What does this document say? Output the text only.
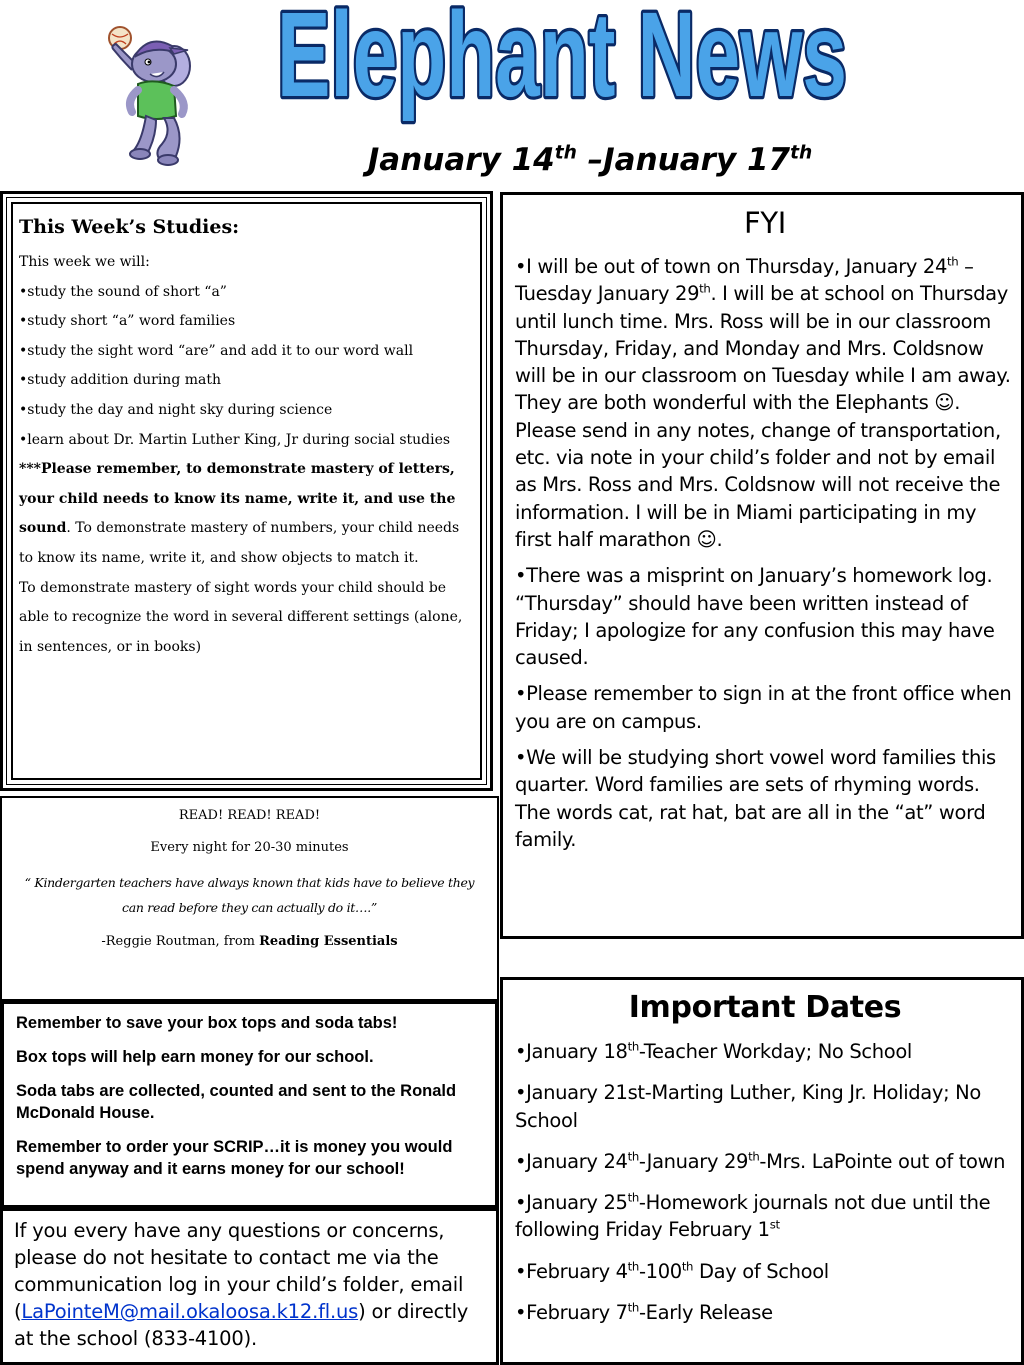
Elephant News
January 14th –January 17th
This Week’s Studies:

This week we will:

•study the sound of short “a”

•study short “a” word families

•study the sight word “are” and add it to our word wall

•study addition during math

•study the day and night sky during science

•learn about Dr. Martin Luther King, Jr during social studies

***Please remember, to demonstrate mastery of letters, your child needs to know its name, write it, and use the sound. To demonstrate mastery of numbers, your child needs to know its name, write it, and show objects to match it.

To demonstrate mastery of sight words your child should be able to recognize the word in several different settings (alone, in sentences, or in books)

READ! READ! READ!

Every night for 20-30 minutes

“ Kindergarten teachers have always known that kids have to believe they can read before they can actually do it….”

-Reggie Routman, from Reading Essentials

Remember to save your box tops and soda tabs!

Box tops will help earn money for our school.

Soda tabs are collected, counted and sent to the Ronald McDonald House.

Remember to order your SCRIP…it is money you would spend anyway and it earns money for our school!

If you every have any questions or concerns, please do not hesitate to contact me via the communication log in your child’s folder, email (LaPointeM@mail.okaloosa.k12.fl.us) or directly at the school (833-4100).
FYI

•I will be out of town on Thursday, January 24th –Tuesday January 29th. I will be at school on Thursday until lunch time. Mrs. Ross will be in our classroom Thursday, Friday, and Monday and Mrs. Coldsnow will be in our classroom on Tuesday while I am away. They are both wonderful with the Elephants ☺. Please send in any notes, change of transportation, etc. via note in your child’s folder and not by email as Mrs. Ross and Mrs. Coldsnow will not receive the information. I will be in Miami participating in my first half marathon ☺.

•There was a misprint on January’s homework log. “Thursday” should have been written instead of Friday; I apologize for any confusion this may have caused.

•Please remember to sign in at the front office when you are on campus.

•We will be studying short vowel word families this quarter. Word families are sets of rhyming words. The words cat, rat hat, bat are all in the “at” word family.

Important Dates

•January 18th-Teacher Workday; No School

•January 21st-Marting Luther, King Jr. Holiday; No School

•January 24th-January 29th-Mrs. LaPointe out of town

•January 25th-Homework journals not due until the following Friday February 1st

•February 4th-100th Day of School

•February 7th-Early Release
